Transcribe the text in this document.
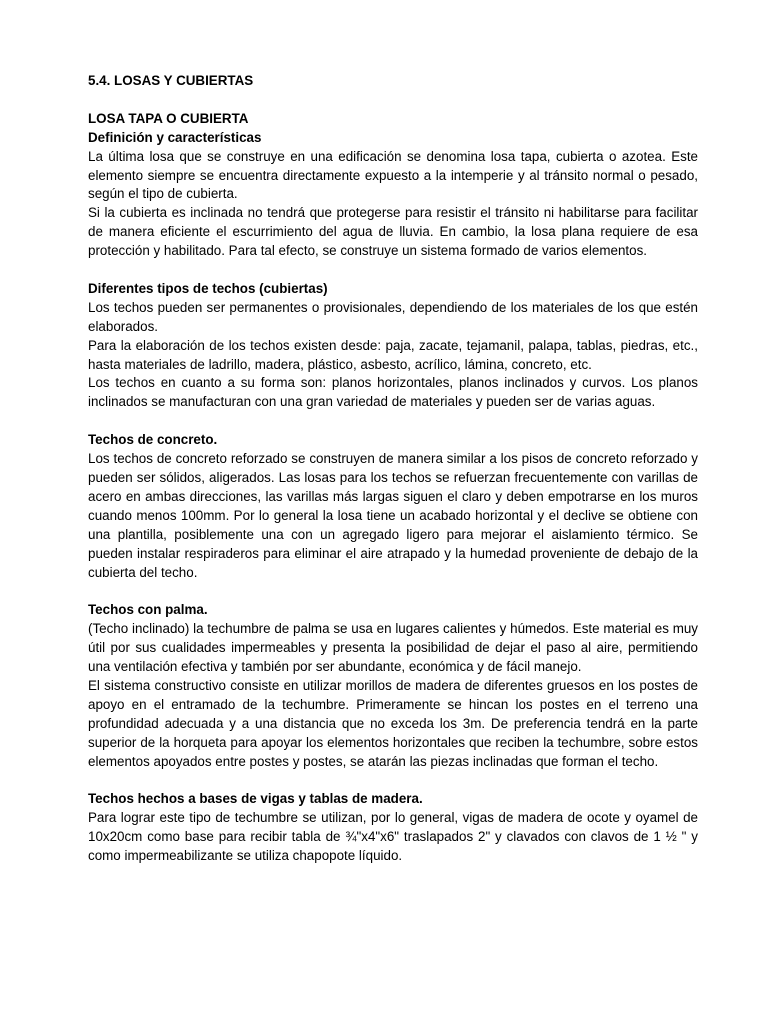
5.4. LOSAS Y CUBIERTAS

LOSA TAPA O CUBIERTA

Definición y características

La última losa que se construye en una edificación se denomina losa tapa, cubierta o azotea. Este elemento siempre se encuentra directamente expuesto a la intemperie y al tránsito normal o pesado, según el tipo de cubierta.

Si la cubierta es inclinada no tendrá que protegerse para resistir el tránsito ni habilitarse para facilitar de manera eficiente el escurrimiento del agua de lluvia. En cambio, la losa plana requiere de esa protección y habilitado. Para tal efecto, se construye un sistema formado de varios elementos.

Diferentes tipos de techos (cubiertas)

Los techos pueden ser permanentes o provisionales, dependiendo de los materiales de los que estén elaborados.

Para la elaboración de los techos existen desde: paja, zacate, tejamanil, palapa, tablas, piedras, etc., hasta materiales de ladrillo, madera, plástico, asbesto, acrílico, lámina, concreto, etc.

Los techos en cuanto a su forma son: planos horizontales, planos inclinados y curvos. Los planos inclinados se manufacturan con una gran variedad de materiales y pueden ser de varias aguas.

Techos de concreto.

Los techos de concreto reforzado se construyen de manera similar a los pisos de concreto reforzado y pueden ser sólidos, aligerados. Las losas para los techos se refuerzan frecuentemente con varillas de acero en ambas direcciones, las varillas más largas siguen el claro y deben empotrarse en los muros cuando menos 100mm. Por lo general la losa tiene un acabado horizontal y el declive se obtiene con una plantilla, posiblemente una con un agregado ligero para mejorar el aislamiento térmico. Se pueden instalar respiraderos para eliminar el aire atrapado y la humedad proveniente de debajo de la cubierta del techo.

Techos con palma.

(Techo inclinado) la techumbre de palma se usa en lugares calientes y húmedos. Este material es muy útil por sus cualidades impermeables y presenta la posibilidad de dejar el paso al aire, permitiendo una ventilación efectiva y también por ser abundante, económica y de fácil manejo.

El sistema constructivo consiste en utilizar morillos de madera de diferentes gruesos en los postes de apoyo en el entramado de la techumbre. Primeramente se hincan los postes en el terreno una profundidad adecuada y a una distancia que no exceda los 3m. De preferencia tendrá en la parte superior de la horqueta para apoyar los elementos horizontales que reciben la techumbre, sobre estos elementos apoyados entre postes y postes, se atarán las piezas inclinadas que forman el techo.

Techos hechos a bases de vigas y tablas de madera.

Para lograr este tipo de techumbre se utilizan, por lo general, vigas de madera de ocote y oyamel de 10x20cm como base para recibir tabla de ¾"x4"x6" traslapados 2" y clavados con clavos de 1 ½ " y como impermeabilizante se utiliza chapopote líquido.
